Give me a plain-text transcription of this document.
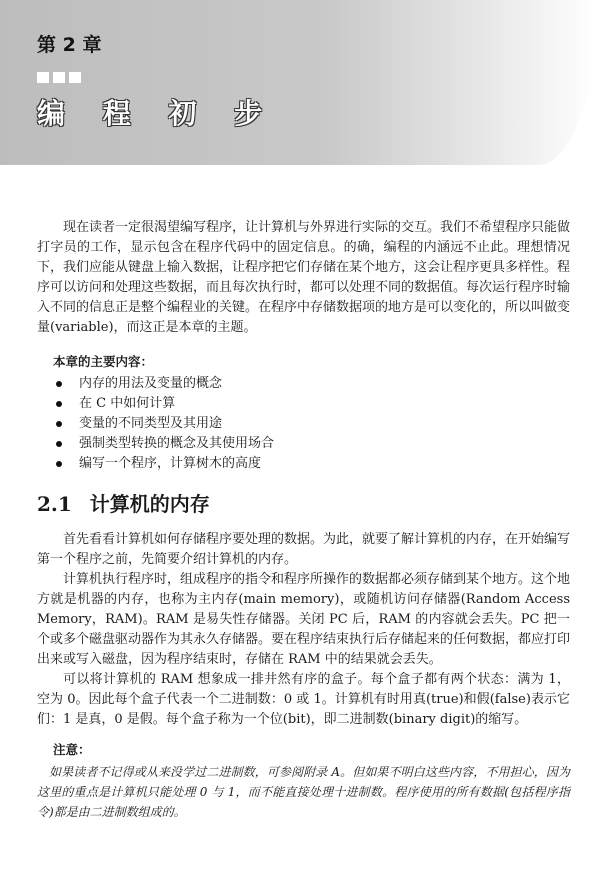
第 2 章
编 程 初 步

现在读者一定很渴望编写程序，让计算机与外界进行实际的交互。我们不希望程序只能做打字员的工作，显示包含在程序代码中的固定信息。的确，编程的内涵远不止此。理想情况下，我们应能从键盘上输入数据，让程序把它们存储在某个地方，这会让程序更具多样性。程序可以访问和处理这些数据，而且每次执行时，都可以处理不同的数据值。每次运行程序时输入不同的信息正是整个编程业的关键。在程序中存储数据项的地方是可以变化的，所以叫做变量(variable)，而这正是本章的主题。

本章的主要内容：
内存的用法及变量的概念
在 C 中如何计算
变量的不同类型及其用途
强制类型转换的概念及其使用场合
编写一个程序，计算树木的高度
2.1 计算机的内存

首先看看计算机如何存储程序要处理的数据。为此，就要了解计算机的内存，在开始编写第一个程序之前，先简要介绍计算机的内存。

计算机执行程序时，组成程序的指令和程序所操作的数据都必须存储到某个地方。这个地方就是机器的内存，也称为主内存(main memory)，或随机访问存储器(Random Access Memory，RAM)。RAM 是易失性存储器。关闭 PC 后，RAM 的内容就会丢失。PC 把一个或多个磁盘驱动器作为其永久存储器。要在程序结束执行后存储起来的任何数据，都应打印出来或写入磁盘，因为程序结束时，存储在 RAM 中的结果就会丢失。

可以将计算机的 RAM 想象成一排井然有序的盒子。每个盒子都有两个状态：满为 1，空为 0。因此每个盒子代表一个二进制数：0 或 1。计算机有时用真(true)和假(false)表示它们：1 是真，0 是假。每个盒子称为一个位(bit)，即二进制数(binary digit)的缩写。

注意：

如果读者不记得或从来没学过二进制数，可参阅附录 A。但如果不明白这些内容，不用担心，因为这里的重点是计算机只能处理 0 与 1，而不能直接处理十进制数。程序使用的所有数据(包括程序指令)都是由二进制数组成的。
